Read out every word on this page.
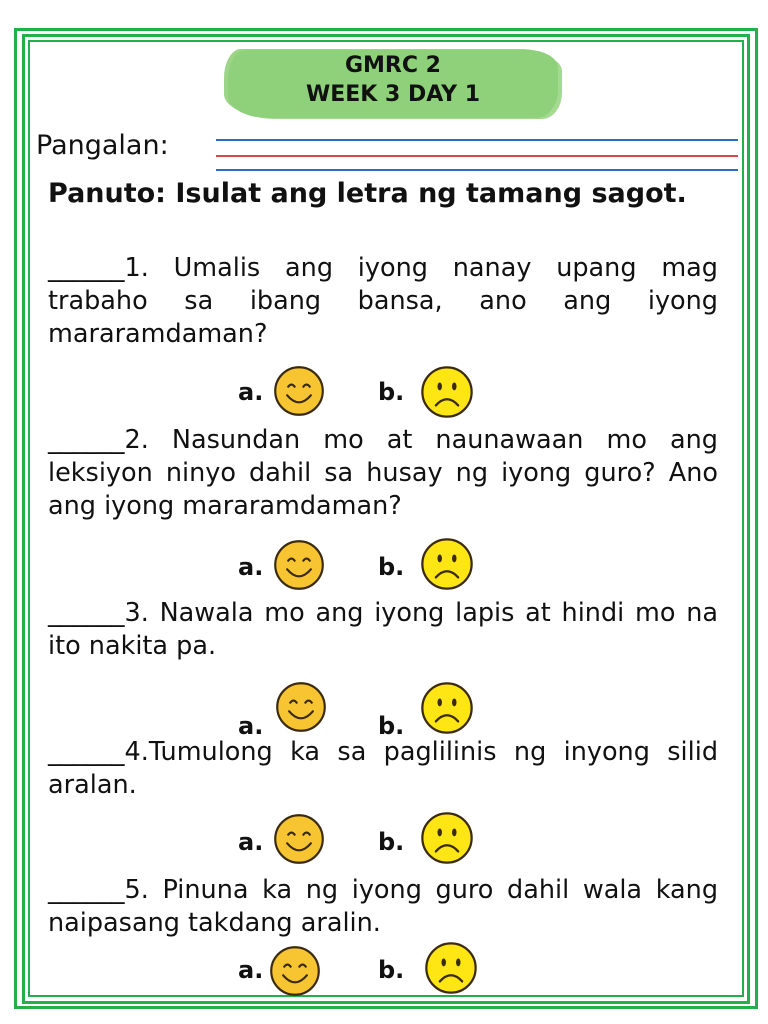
GMRC 2
WEEK 3 DAY 1
Pangalan:
Panuto: Isulat ang letra ng tamang sagot.
______1. Umalis ang iyong nanay upang mag trabaho sa ibang bansa, ano ang iyong mararamdaman?
a.	b.
______2. Nasundan mo at naunawaan mo ang leksiyon ninyo dahil sa husay ng iyong guro? Ano ang iyong mararamdaman?
a.	b.
______3. Nawala mo ang iyong lapis at hindi mo na ito nakita pa.
a.	b.
______4.Tumulong ka sa paglilinis ng inyong silid aralan.
a.	b.
______5. Pinuna ka ng iyong guro dahil wala kang naipasang takdang aralin.
a.	b.
